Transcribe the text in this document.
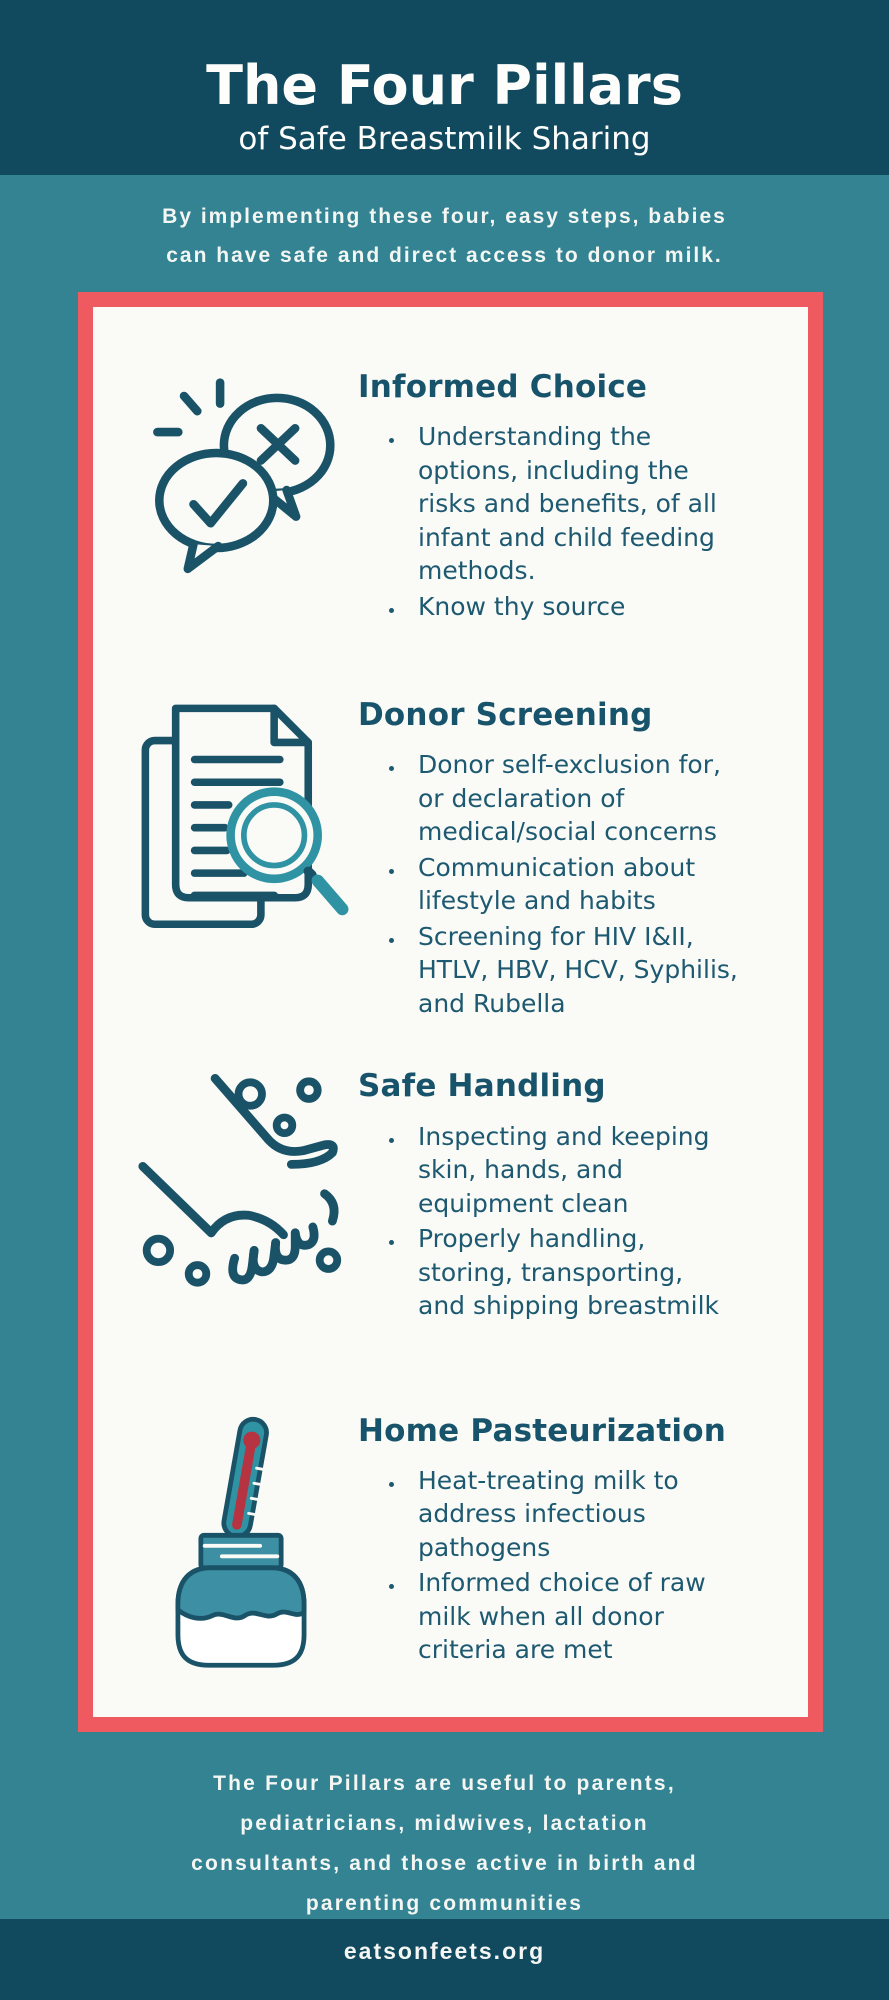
The Four Pillars
of Safe Breastmilk Sharing
By implementing these four, easy steps, babies
can have safe and direct access to donor milk.
Informed Choice
• Understanding the options, including the risks and benefits, of all infant and child feeding methods.
• Know thy source
Donor Screening
• Donor self-exclusion for, or declaration of medical/social concerns
• Communication about lifestyle and habits
• Screening for HIV I&II, HTLV, HBV, HCV, Syphilis, and Rubella
Safe Handling
• Inspecting and keeping skin, hands, and equipment clean
• Properly handling, storing, transporting, and shipping breastmilk
Home Pasteurization
• Heat-treating milk to address infectious pathogens
• Informed choice of raw milk when all donor criteria are met
The Four Pillars are useful to parents,
pediatricians, midwives, lactation
consultants, and those active in birth and
parenting communities
eatsonfeets.org
